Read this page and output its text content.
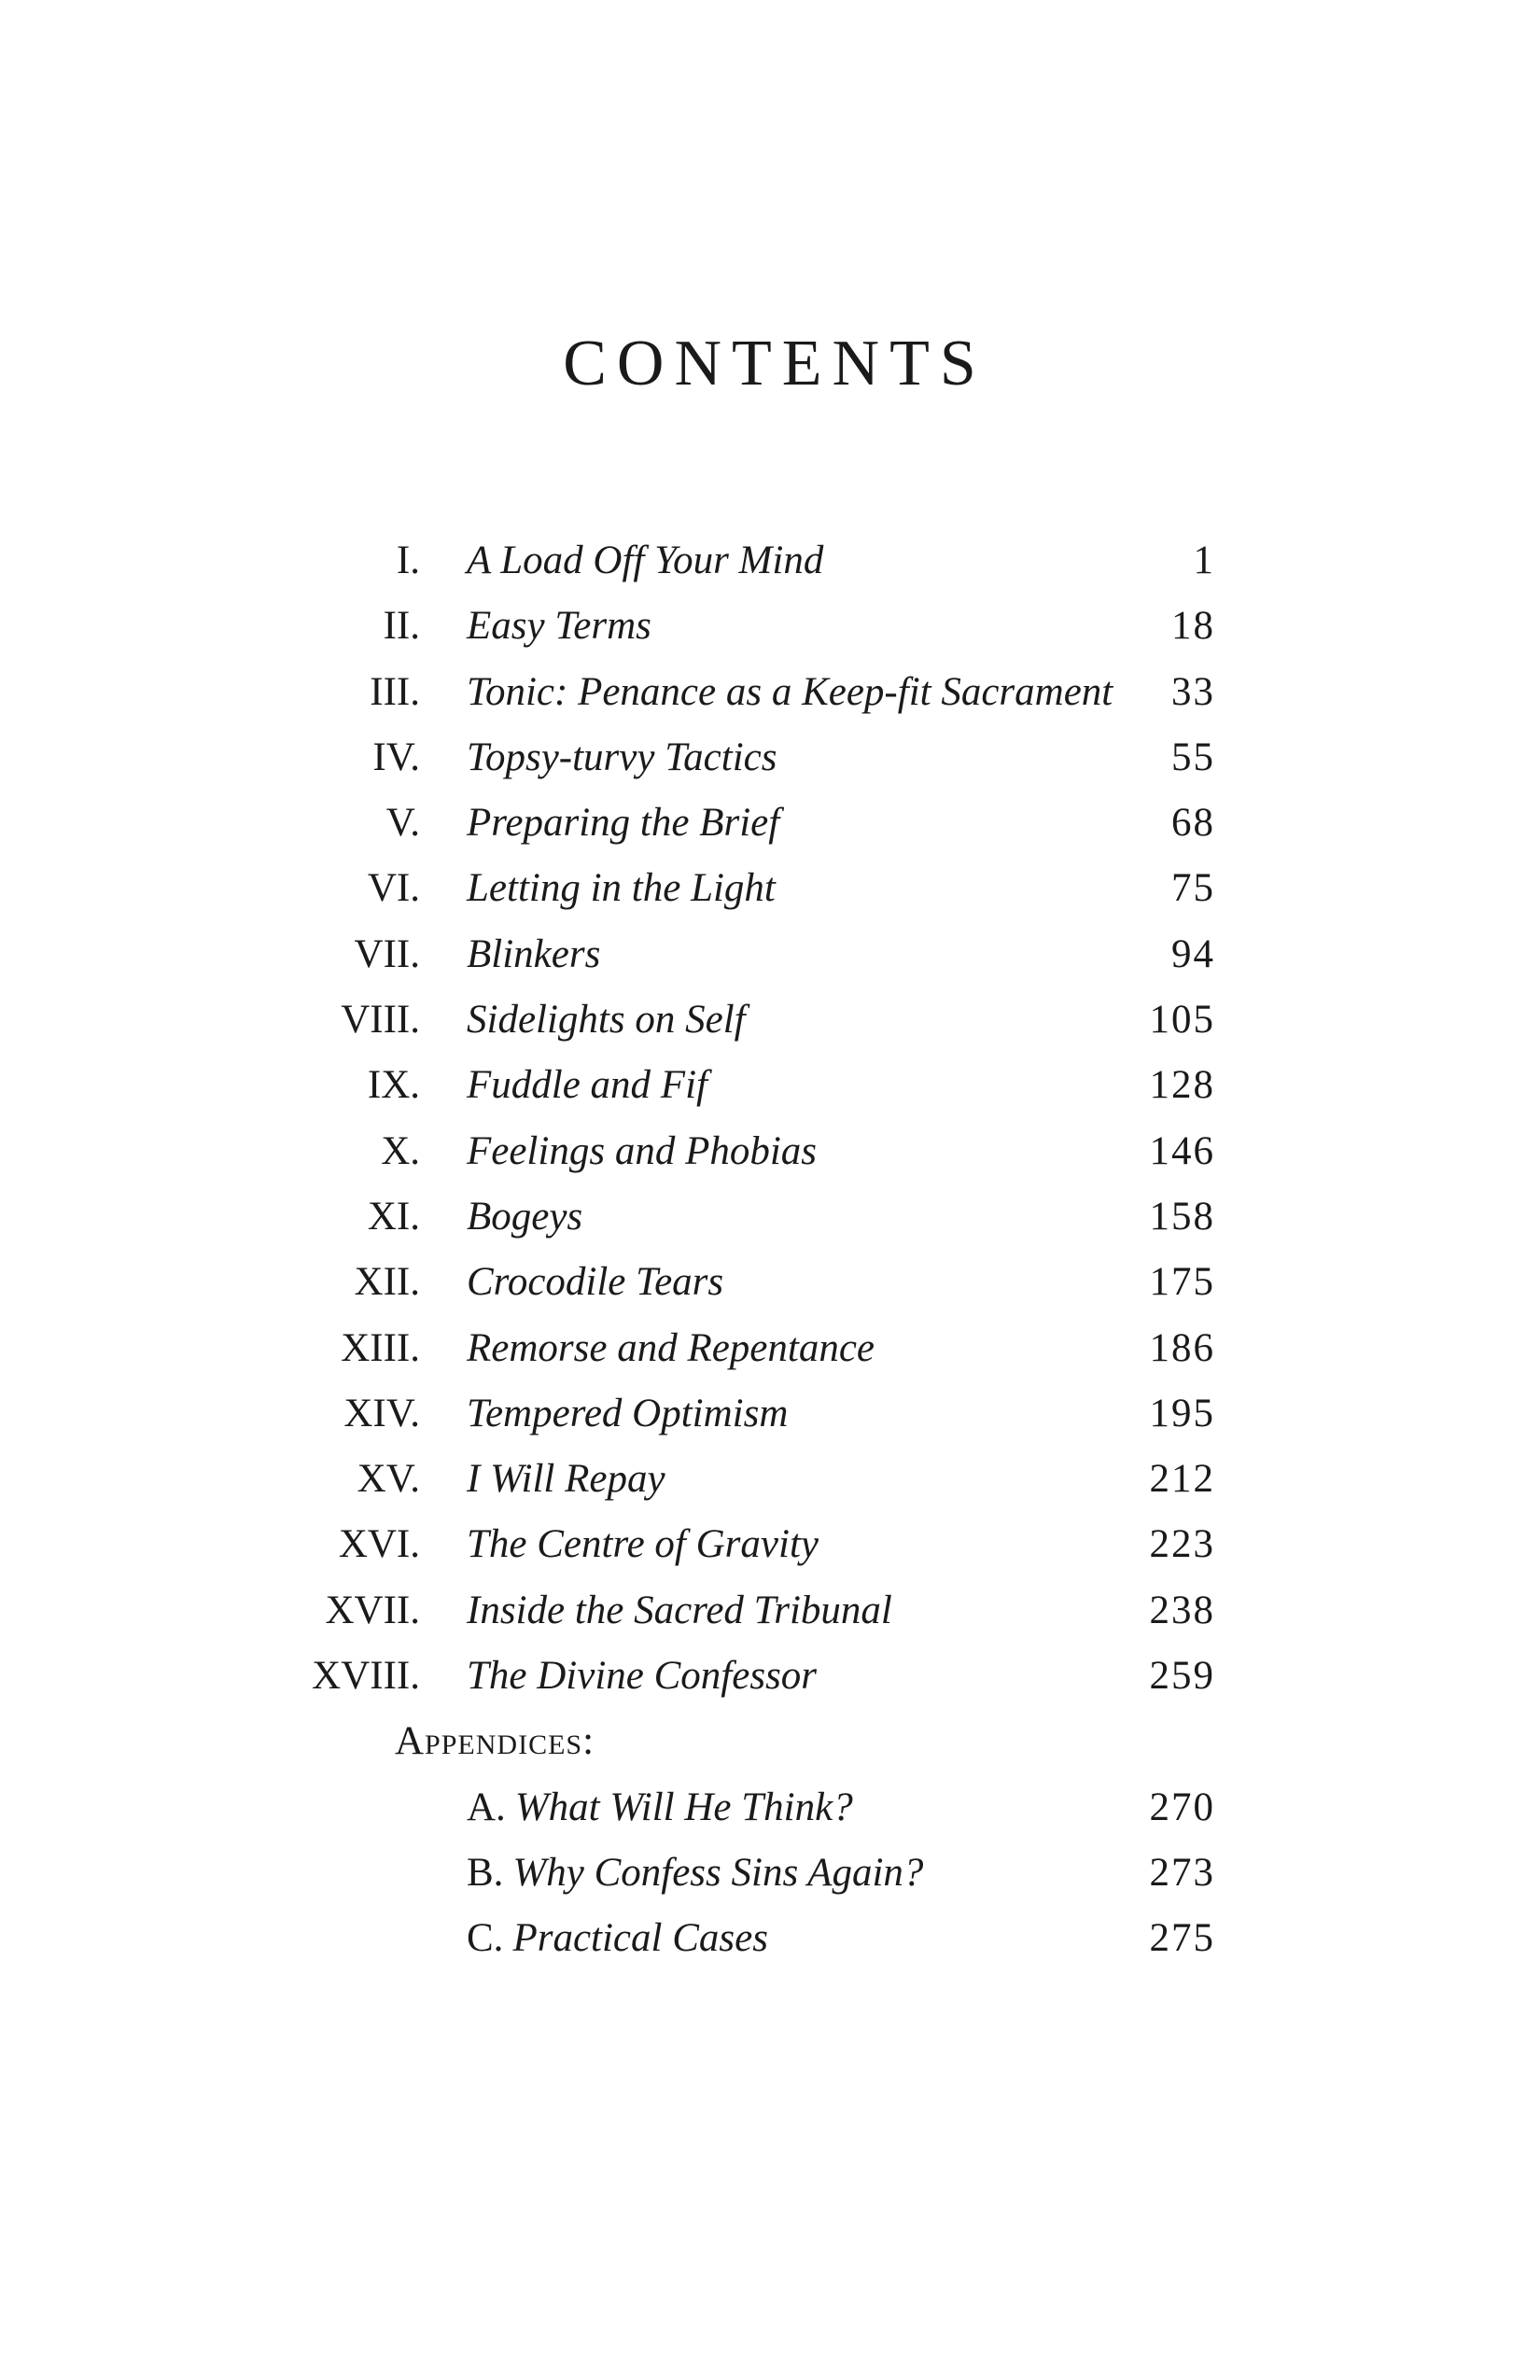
CONTENTS
I. A Load Off Your Mind	1
II. Easy Terms	18
III. Tonic: Penance as a Keep-fit Sacrament 33
IV. Topsy-turvy Tactics	55
V. Preparing the Brief	68
VI. Letting in the Light	75
VII. Blinkers	94
VIII. Sidelights on Self	105
IX. Fuddle and Fif	128
X. Feelings and Phobias	146
XI. Bogeys	158
XII. Crocodile Tears	175
XIII. Remorse and Repentance	186
XIV. Tempered Optimism	195
XV. I Will Repay	212
XVI. The Centre of Gravity	223
XVII. Inside the Sacred Tribunal	238
XVIII. The Divine Confessor	259
Appendices:
A. What Will He Think?	270
B. Why Confess Sins Again?	273
C. Practical Cases	275
